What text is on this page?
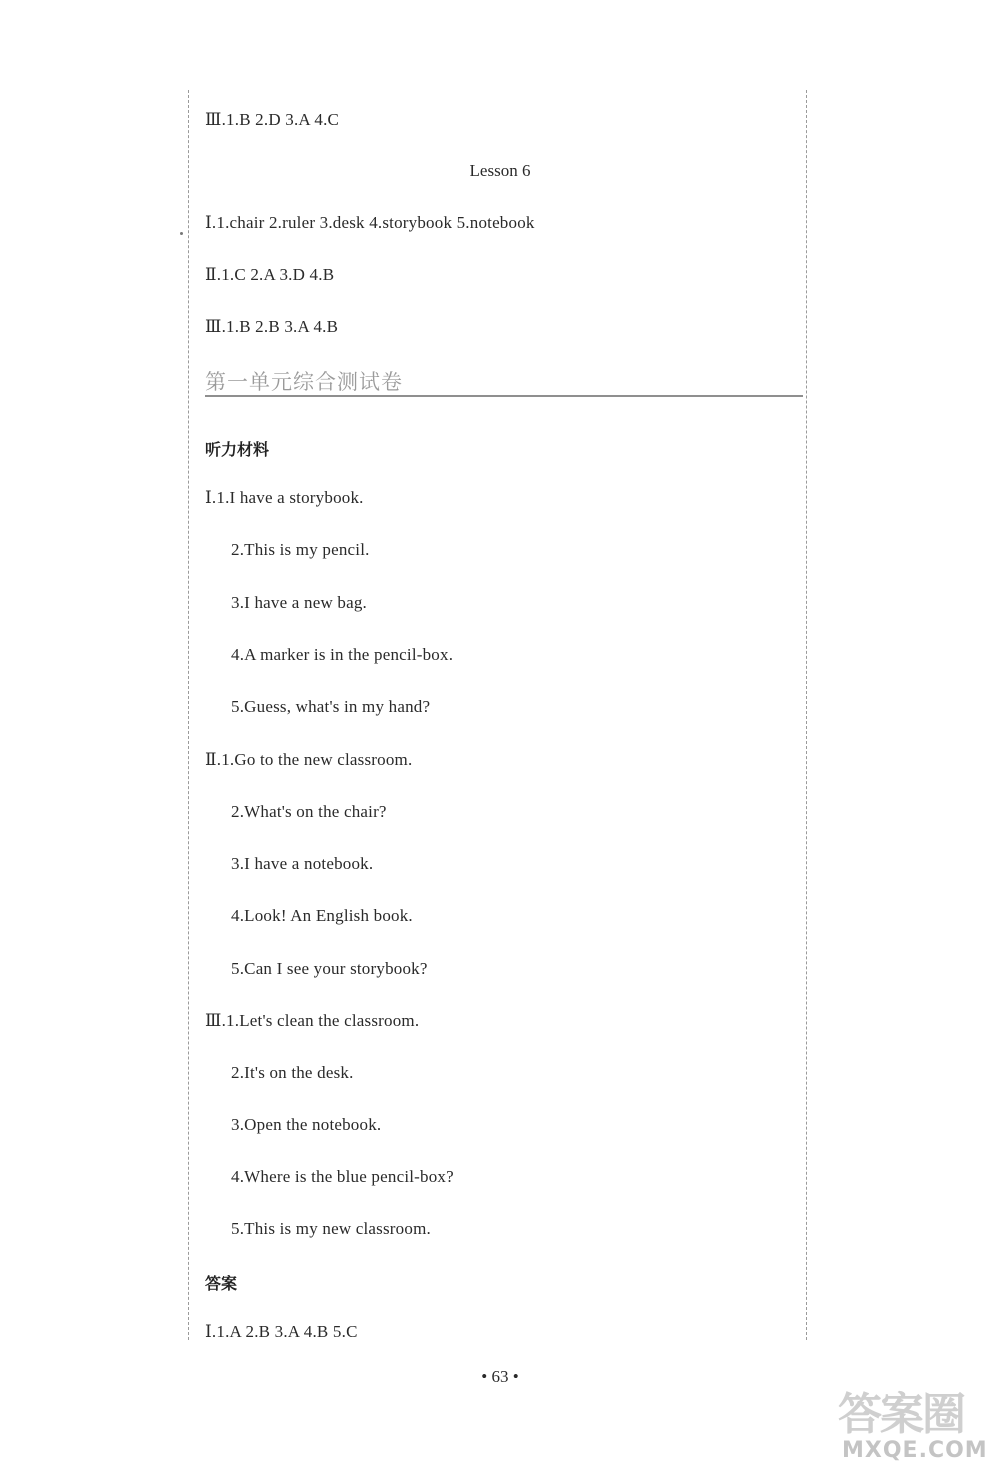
Ⅲ.1.B 2.D 3.A 4.C
Lesson 6
Ⅰ.1.chair 2.ruler 3.desk 4.storybook 5.notebook
Ⅱ.1.C 2.A 3.D 4.B
Ⅲ.1.B 2.B 3.A 4.B
第一单元综合测试卷
听力材料
Ⅰ.1.I have a storybook.
2.This is my pencil.
3.I have a new bag.
4.A marker is in the pencil-box.
5.Guess, what's in my hand?
Ⅱ.1.Go to the new classroom.
2.What's on the chair?
3.I have a notebook.
4.Look! An English book.
5.Can I see your storybook?
Ⅲ.1.Let's clean the classroom.
2.It's on the desk.
3.Open the notebook.
4.Where is the blue pencil-box?
5.This is my new classroom.
答案
Ⅰ.1.A 2.B 3.A 4.B 5.C
• 63 •
答案圈
MXQE.COM
